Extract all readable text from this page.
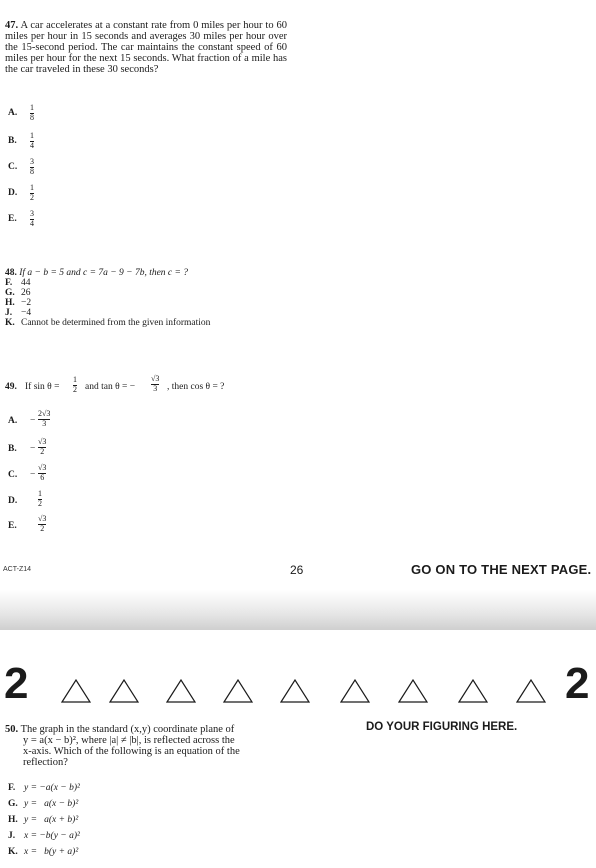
47. A car accelerates at a constant rate from 0 miles per hour to 60 miles per hour in 15 seconds and averages 30 miles per hour over the 15-second period. The car maintains the constant speed of 60 miles per hour for the next 15 seconds. What fraction of a mile has the car traveled in these 30 seconds?
A.
1
8
B.
1
4
C.
3
8
D.
1
2
E.
3
4
48. If a − b = 5 and c = 7a − 9 − 7b, then c = ?
F. 44
G. 26
H. −2
J. −4
K. Cannot be determined from the given information
49. If sin θ =
1
2 and tan θ = −
√3
3 , then cos θ = ?
A. −
2√3
3
B. −
√3
2
C. −
√3
6
D.
1
2
E.
√3
2
ACT-Z14	26	GO ON TO THE NEXT PAGE.
2	2
50. The graph in the standard (x,y) coordinate plane of
y = a(x − b)², where |a| ≠ |b|, is reflected across the
x-axis. Which of the following is an equation of the
reflection?
DO YOUR FIGURING HERE.
F. y = −a(x − b)²
G. y =   a(x − b)²
H. y =   a(x + b)²
J. x = −b(y − a)²
K. x =   b(y + a)²
